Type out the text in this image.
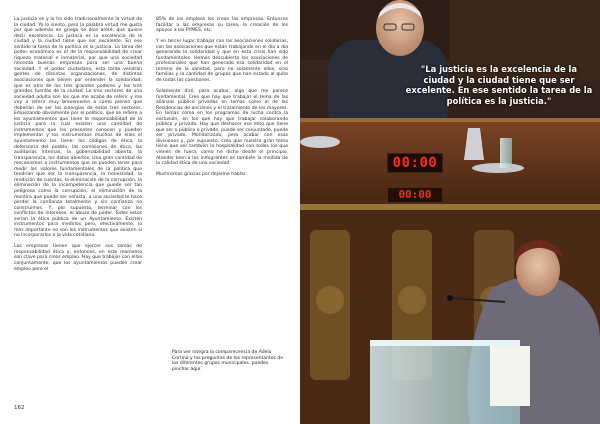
La justicia es y lo ha sido tradicionalmente la virtud de la ciudad. Yo lo siento, pero la palabra virtud me gusta por que además en griego se dice areté, que quiere decir excelencia. La justicia es la excelencia de la ciudad y la ciudad tiene que ser excelente. En ese sentido la tarea de la política es la justicia. La tarea del poder económico es el de la responsabilidad de crear riqueza material e inmaterial, por que una sociedad necesita buenas empresas para ser una buena sociedad. Y el poder ciudadano, esta tarde vendrán gentes de distintas organizaciones, de distintas asociaciones que tienen por entender la solidaridad, que es otro de los tres grandes poderes y los tres grandes fuerzas de la ciudad. Lo tres sectores de una sociedad adulta son los que me acabo de referir y me voy a referir muy brevemente a como pienso que deberían de ser las sinergias de estos tres sectores. Empezando obviamente por el político, que se refiere a los ayuntamientos que tiene la responsabilidad de la justicia para la cual existen una cantidad de instrumentos que los presentes conocen y pueden implementar y los instrumentos muchos de ellos el ayuntamiento los tiene: los códigos de ética, la defensoría del pueblo, las comisiones de ética, las auditorías internas, la gobernabilidad abierta, la transparencia, los datos abiertos. Una gran cantidad de mecanismos e instrumentos que se pueden tener para medir los valores fundamentales de la política que tendrían que ser la transparencia, la honestidad, la rendición de cuentas, la eliminación de la corrupción, la eliminación de la incompetencia que puede ser tan peligrosa como la corrupción, el eliminación de la mentira que puede ser nefasta, a una sociedad le hace perder la confianza totalmente y sin confianza no construimos. Y, por supuesto, terminar con los conflictos de intereses, el abuso de poder. Todos estos serían la ética pública de un Ayuntamiento. Existen instrumentos para medirlos pero, efectivamente, lo más importante no son los instrumentos que existen si no incorporarlos a la vida cotidiana.

Las empresas tienen que ejercer sus tareas de responsabilidad ética y, entonces, en este momento son clave para crear empleo. Hay que trabajar con ellas conjuntamente, que los ayuntamientos pueden crear empleo pero el

85% de los empleos los crean las empresas. Entonces facilitar a las empresas su tarea, la creación de los apoyos a las PYMES, etc.

Y en tercer lugar trabajar con las asociaciones solidarias, con las asociaciones que están trabajando en el día a día generando la solidaridad y que en esta crisis han sido fundamentales. Hemos descubierto las asociaciones de profesionales que han generado esa solidaridad en el terreno de la sanidad, pero no solamente ellos, sino familias y la cantidad de grupos que han estado al quite de todas las cuestiones.

Solamente diré, para acabar, algo que me parece fundamental. Creo que hay que trabajar el tema de las alianzas público privadas en temas como el de las Residencias de ancianos y el tratamiento de los mayores. En temas como en los programas de lucha contra la exclusión, en los que hay que trabajar colaborando público y privado. Hay que deshacer ese mito que tiene que ser o público o privado, puede ser conjuntado, puede ser privado. Monitorizado, pero acabar con esas divisiones y, por supuesto, creo que nuestro gran tema tiene que ser también la hospitalidad con todos los que vienen de fuera, como he dicho desde el principio. Atender bien a los inmigrantes es también la medida de la calidad ética de una sociedad.

Muchísimas gracias por dejarme hablar.

Para ver íntegra la comparecencia de Adela Cortina y las preguntas de los representantes de los diferentes grupos municipales, puedes pinchar aquí.
162
00:00
00:00
"La justicia es la excelencia de la ciudad y la ciudad tiene que ser excelente. En ese sentido la tarea de la política es la justicia."
